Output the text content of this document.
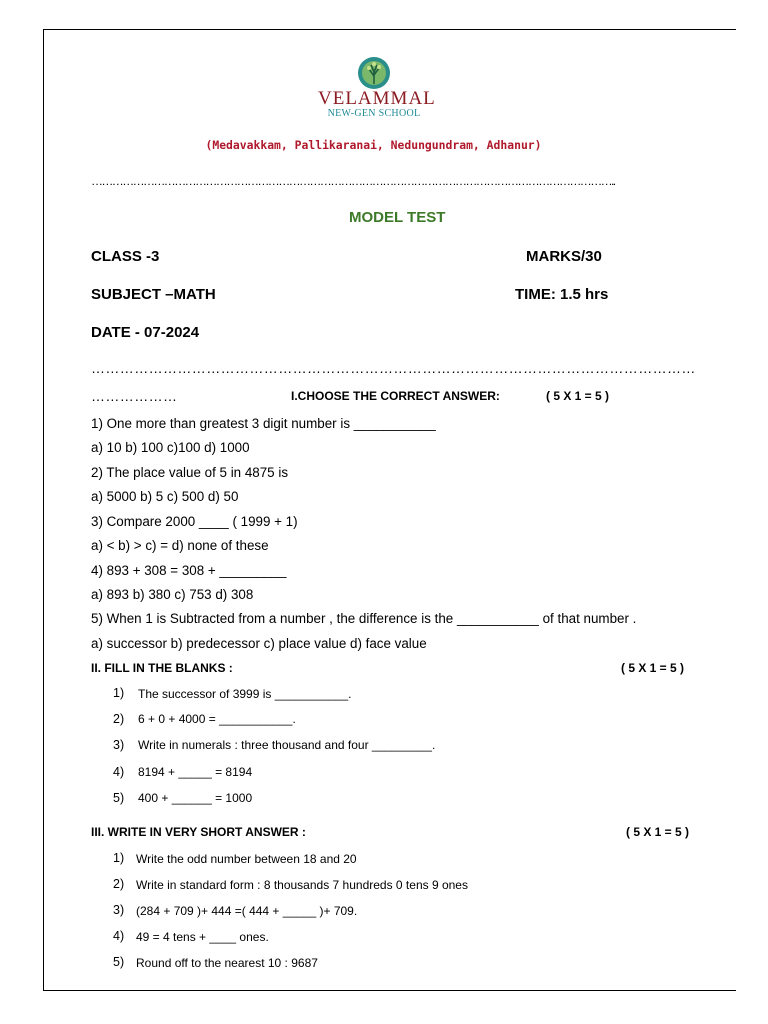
VELAMMAL
NEW-GEN SCHOOL
(Medavakkam, Pallikaranai, Nedungundram, Adhanur)
……………………………………………………………………………………………………………………………………..
MODEL TEST
CLASS -3	MARKS/30
SUBJECT –MATH	TIME: 1.5 hrs
DATE - 07-2024
………………………………………………………………………………………………………………
………………	I.CHOOSE THE CORRECT ANSWER:	( 5 X 1 = 5 )
1) One more than greatest 3 digit number is ___________
a) 10 b) 100 c)100 d) 1000
2) The place value of 5 in 4875 is
a) 5000 b) 5 c) 500 d) 50
3) Compare 2000 ____ ( 1999 + 1)
a) < b) > c) = d) none of these
4) 893 + 308 = 308 + _________
a) 893 b) 380 c) 753 d) 308
5) When 1 is Subtracted from a number , the difference is the ___________ of that number .
a) successor b) predecessor c) place value d) face value
II. FILL IN THE BLANKS :	( 5 X 1 = 5 )
1) The successor of 3999 is ___________.
2) 6 + 0 + 4000 = ___________.
3) Write in numerals : three thousand and four _________.
4) 8194 + _____ = 8194
5) 400 + ______ = 1000
III. WRITE IN VERY SHORT ANSWER :	( 5 X 1 = 5 )
1) Write the odd number between 18 and 20
2) Write in standard form : 8 thousands 7 hundreds 0 tens 9 ones
3) (284 + 709 )+ 444 =( 444 + _____ )+ 709.
4) 49 = 4 tens + ____ ones.
5) Round off to the nearest 10 : 9687
